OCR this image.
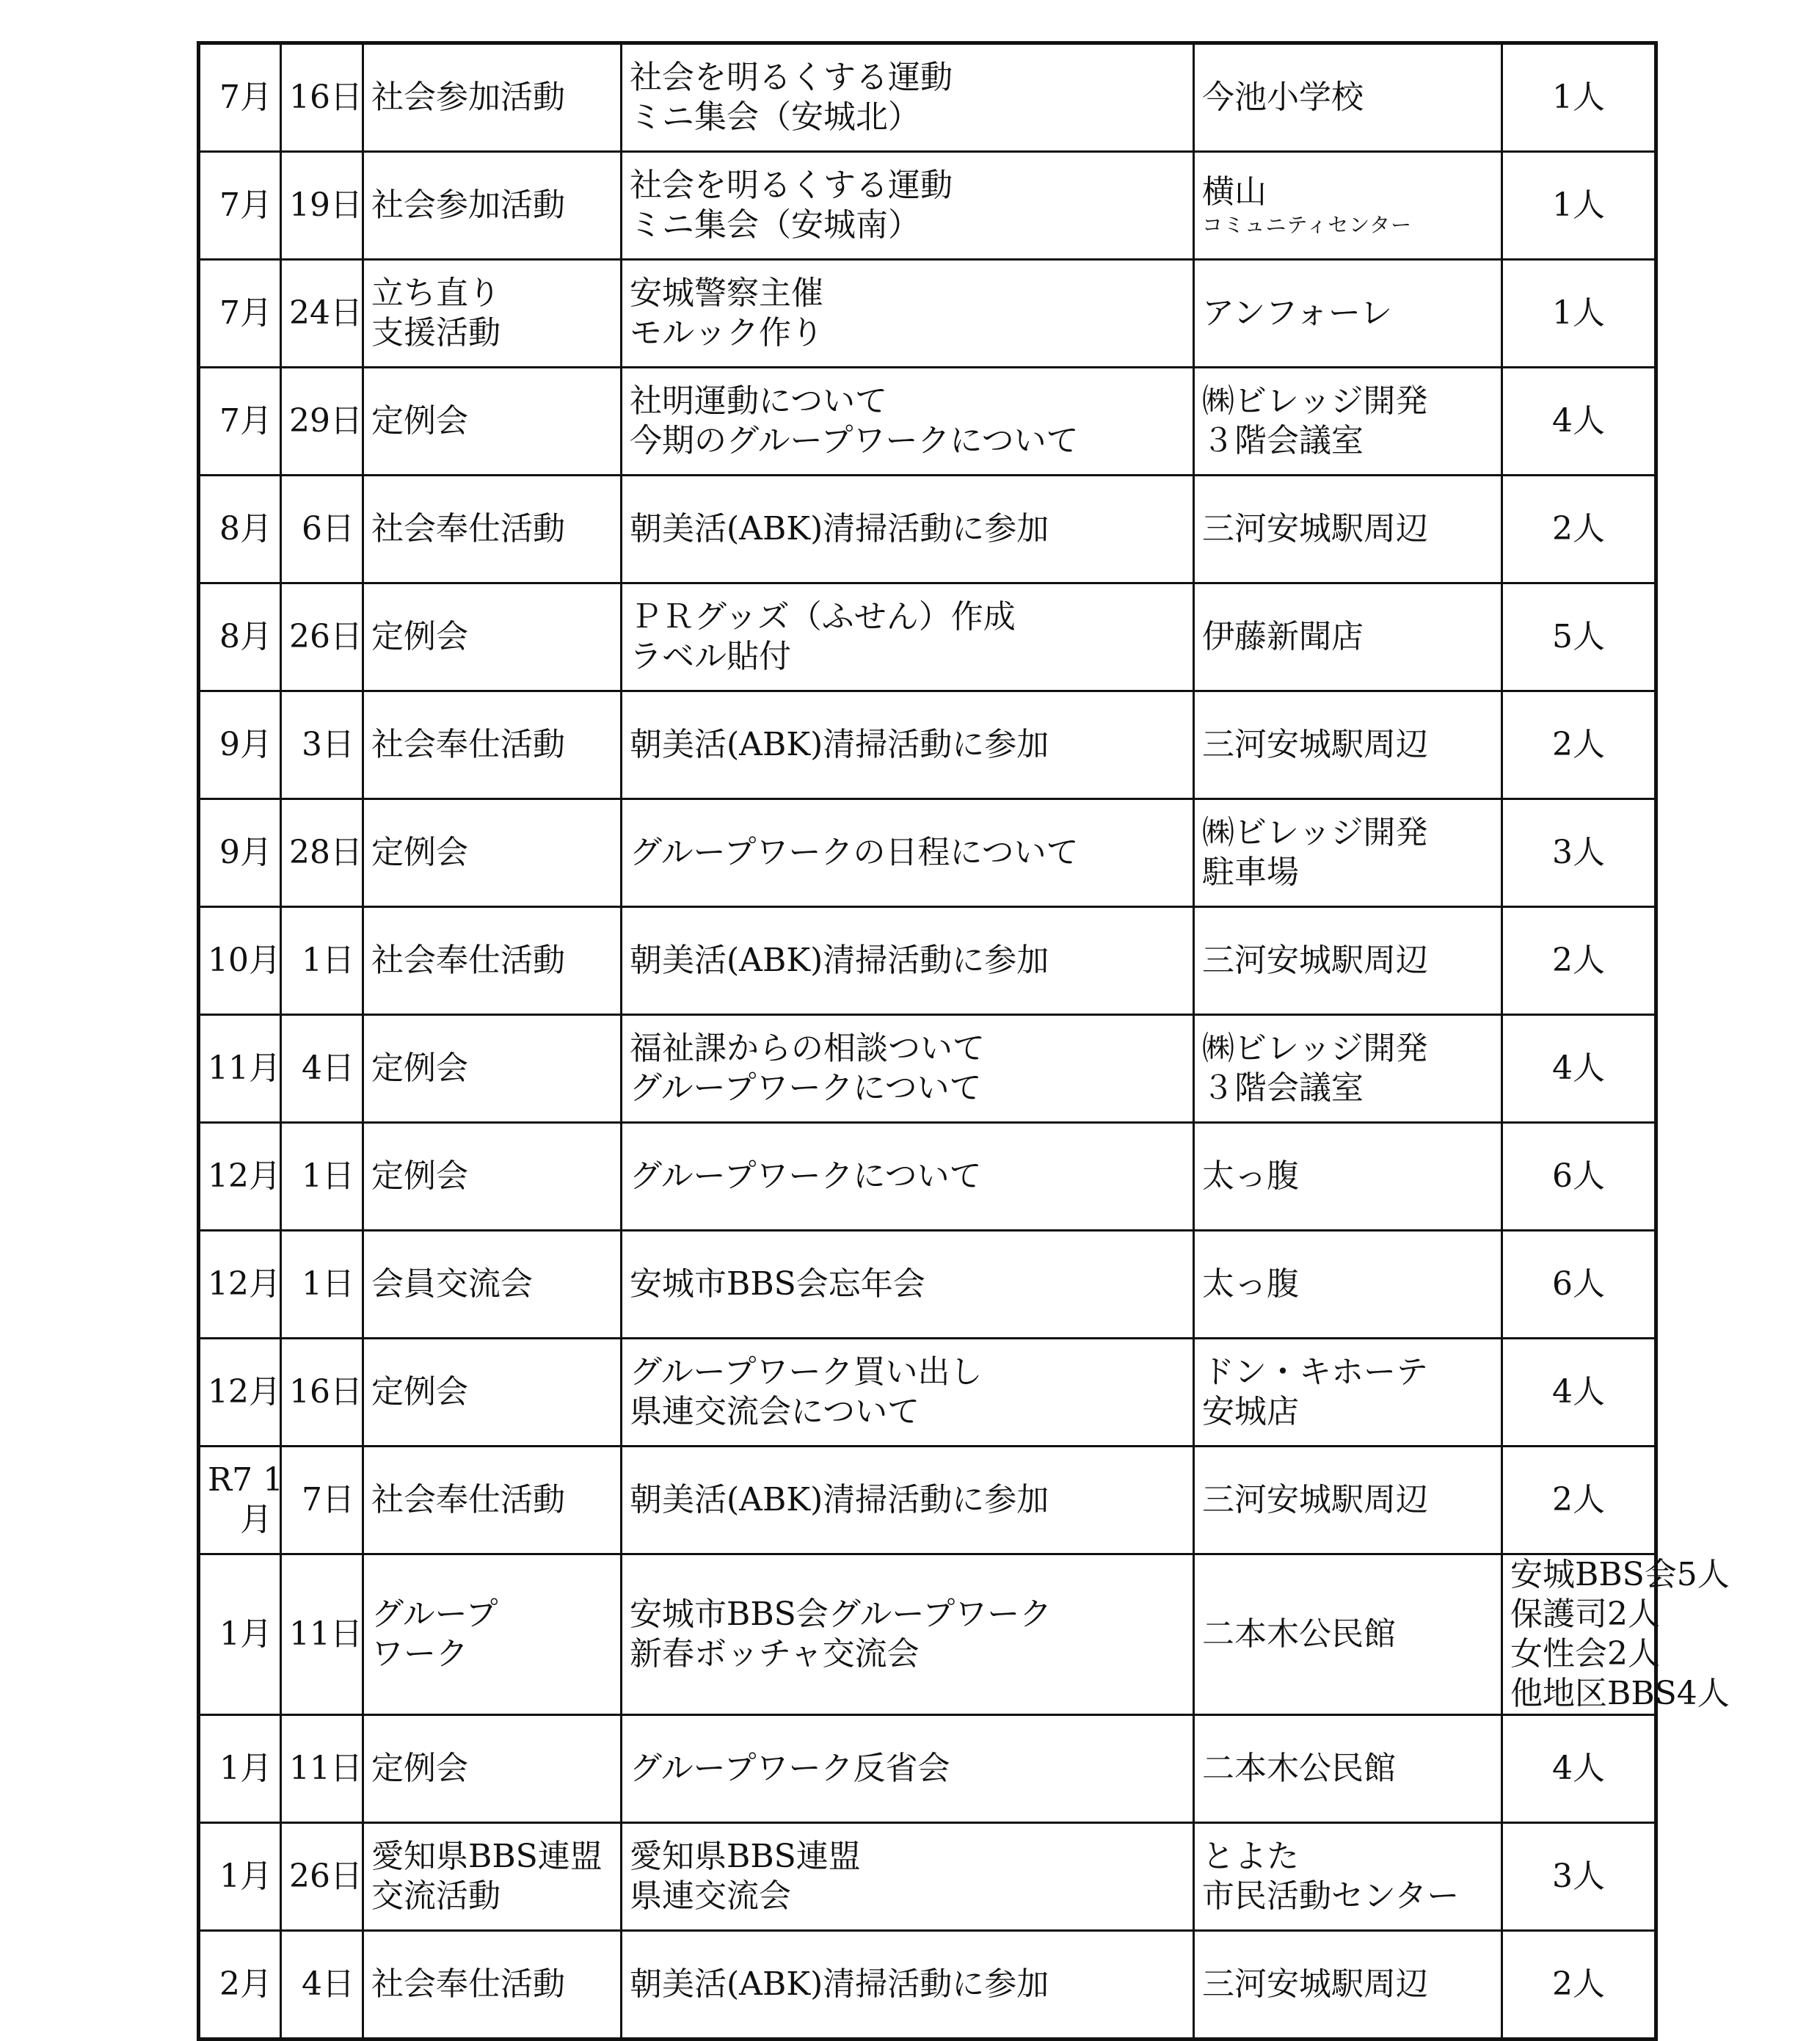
7月	16日	社会参加活動	社会を明るくする運動
ミニ集会（安城北）	今池小学校	1人
7月	19日	社会参加活動	社会を明るくする運動
ミニ集会（安城南）	横山
コミュニティセンター	1人
7月	24日	立ち直り
支援活動	安城警察主催
モルック作り	アンフォーレ	1人
7月	29日	定例会	社明運動について
今期のグループワークについて	㈱ビレッジ開発
３階会議室	4人
8月	6日	社会奉仕活動	朝美活(ABK)清掃活動に参加	三河安城駅周辺	2人
8月	26日	定例会	ＰＲグッズ（ふせん）作成
ラベル貼付	伊藤新聞店	5人
9月	3日	社会奉仕活動	朝美活(ABK)清掃活動に参加	三河安城駅周辺	2人
9月	28日	定例会	グループワークの日程について	㈱ビレッジ開発
駐車場	3人
10月	1日	社会奉仕活動	朝美活(ABK)清掃活動に参加	三河安城駅周辺	2人
11月	4日	定例会	福祉課からの相談ついて
グループワークについて	㈱ビレッジ開発
３階会議室	4人
12月	1日	定例会	グループワークについて	太っ腹	6人
12月	1日	会員交流会	安城市BBS会忘年会	太っ腹	6人
12月	16日	定例会	グループワーク買い出し
県連交流会について	ドン・キホーテ
安城店	4人

R7 1
月	7日	社会奉仕活動	朝美活(ABK)清掃活動に参加	三河安城駅周辺	2人
1月	11日	グループ
ワーク	安城市BBS会グループワーク
新春ボッチャ交流会	二本木公民館	安城BBS会5人
保護司2人
女性会2人
他地区BBS4人

1月	11日	定例会	グループワーク反省会	二本木公民館	4人
1月	26日	愛知県BBS連盟
交流活動	愛知県BBS連盟
県連交流会	とよた
市民活動センター	3人
2月	4日	社会奉仕活動	朝美活(ABK)清掃活動に参加	三河安城駅周辺	2人
